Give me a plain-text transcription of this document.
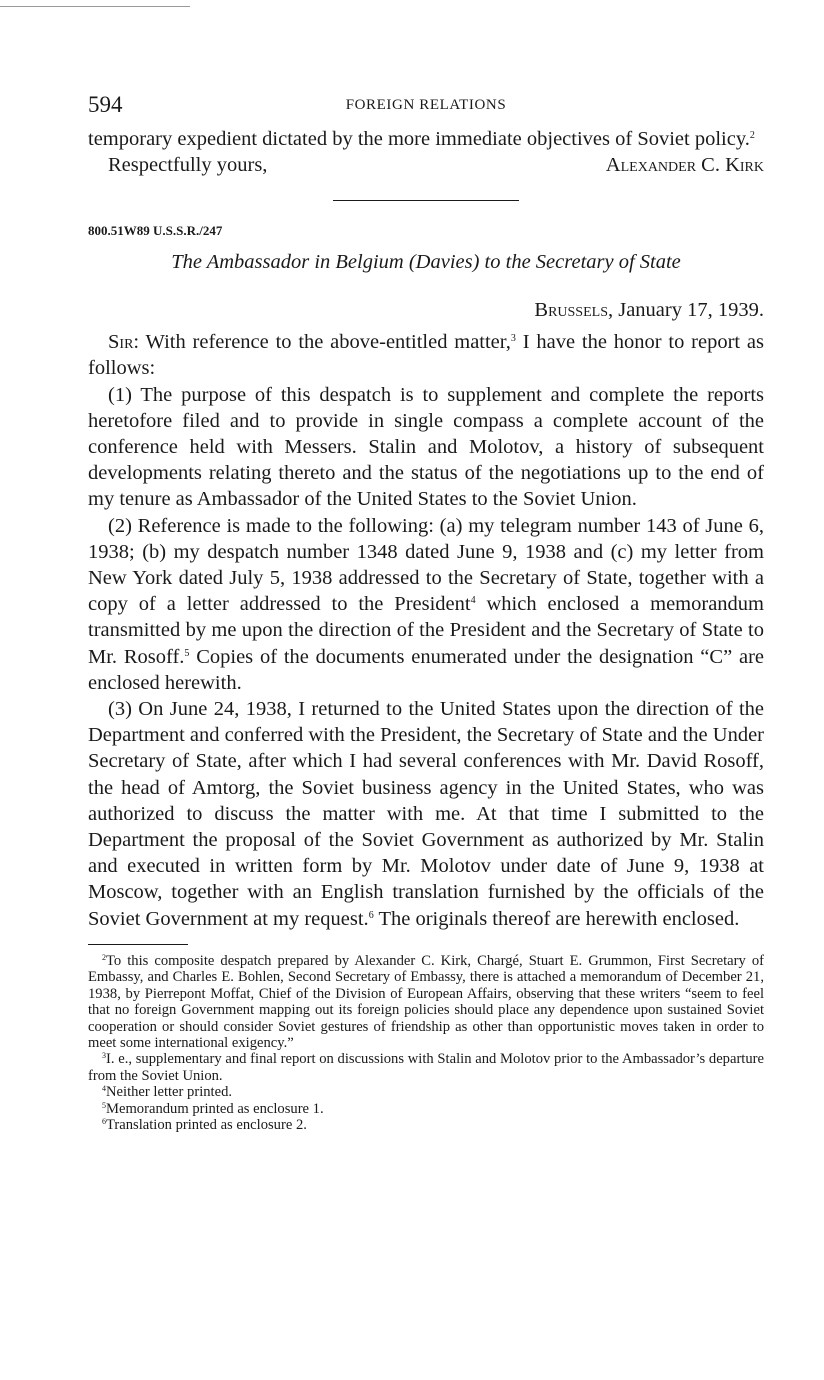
594	FOREIGN RELATIONS

temporary expedient dictated by the more immediate objectives of Soviet policy.$^2$

Respectfully yours,	Alexander C. Kirk
800.51W89 U.S.S.R./247
The Ambassador in Belgium (Davies) to the Secretary of State
Brussels, January 17, 1939.

Sir: With reference to the above-entitled matter,$^3$ I have the honor to report as follows:

(1) The purpose of this despatch is to supplement and complete the reports heretofore filed and to provide in single compass a complete account of the conference held with Messers. Stalin and Molotov, a history of subsequent developments relating thereto and the status of the negotiations up to the end of my tenure as Ambassador of the United States to the Soviet Union.

(2) Reference is made to the following: (a) my telegram number 143 of June 6, 1938; (b) my despatch number 1348 dated June 9, 1938 and (c) my letter from New York dated July 5, 1938 addressed to the Secretary of State, together with a copy of a letter addressed to the President$^4$ which enclosed a memorandum transmitted by me upon the direction of the President and the Secretary of State to Mr. Rosoff.$^5$ Copies of the documents enumerated under the designation “C” are enclosed herewith.

(3) On June 24, 1938, I returned to the United States upon the direction of the Department and conferred with the President, the Secretary of State and the Under Secretary of State, after which I had several conferences with Mr. David Rosoff, the head of Amtorg, the Soviet business agency in the United States, who was authorized to discuss the matter with me. At that time I submitted to the Department the proposal of the Soviet Government as authorized by Mr. Stalin and executed in written form by Mr. Molotov under date of June 9, 1938 at Moscow, together with an English translation furnished by the officials of the Soviet Government at my request.$^6$ The originals thereof are herewith enclosed.

$^2$To this composite despatch prepared by Alexander C. Kirk, Chargé, Stuart E. Grummon, First Secretary of Embassy, and Charles E. Bohlen, Second Secretary of Embassy, there is attached a memorandum of December 21, 1938, by Pierrepont Moffat, Chief of the Division of European Affairs, observing that these writers “seem to feel that no foreign Government mapping out its foreign policies should place any dependence upon sustained Soviet cooperation or should consider Soviet gestures of friendship as other than opportunistic moves taken in order to meet some international exigency.”

$^3$I. e., supplementary and final report on discussions with Stalin and Molotov prior to the Ambassador’s departure from the Soviet Union.

$^4$Neither letter printed.

$^5$Memorandum printed as enclosure 1.

$^6$Translation printed as enclosure 2.
